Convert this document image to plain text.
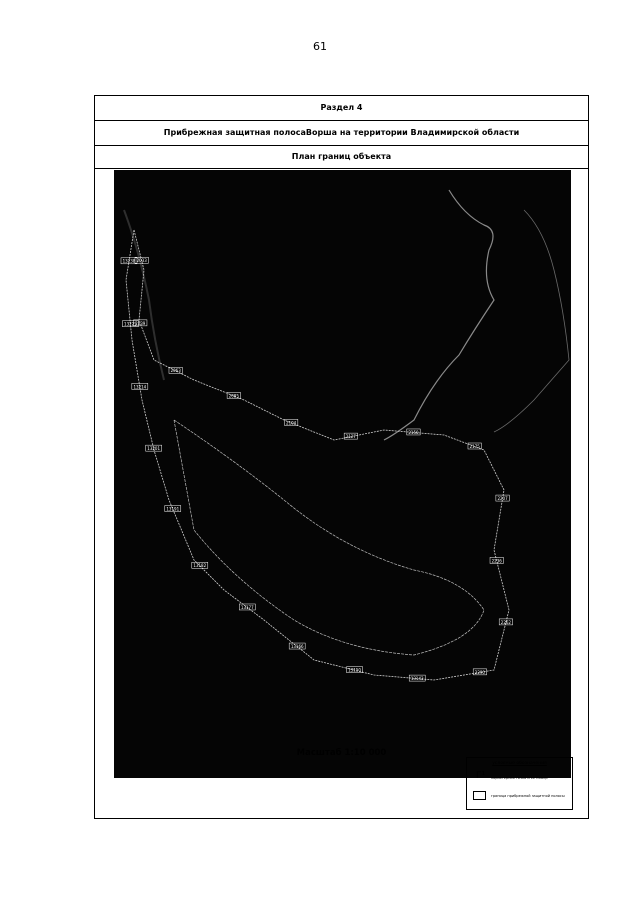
61
Раздел 4
Прибрежная защитная полосаВорша на территории Владимирской области
План границ объекта
2033
2039
2063
2085
2104
2127
2150
2175
2207
2236
2262
2290
13143
13150
13166
13177
13182
13191
13201
13214
13225
13238
Масштаб 1:10 000
условные обозначения
Г¹ характерная точка и ее номер
граница прибрежной защитной полосы
